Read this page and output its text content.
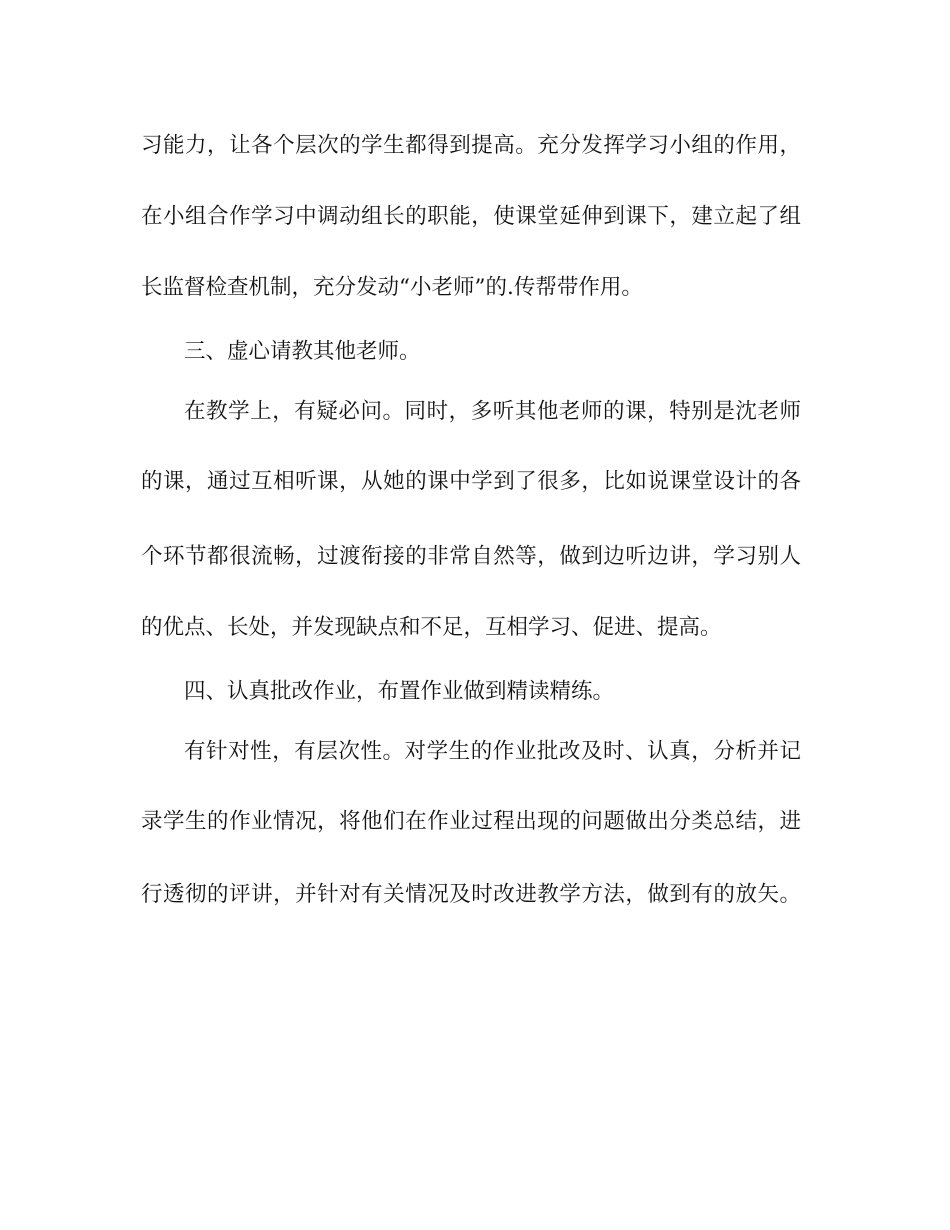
习能力，让各个层次的学生都得到提高。充分发挥学习小组的作用，
在小组合作学习中调动组长的职能，使课堂延伸到课下，建立起了组
长监督检查机制，充分发动“小老师”的.传帮带作用。
三、虚心请教其他老师。
在教学上，有疑必问。同时，多听其他老师的课，特别是沈老师
的课，通过互相听课，从她的课中学到了很多，比如说课堂设计的各
个环节都很流畅，过渡衔接的非常自然等，做到边听边讲，学习别人
的优点、长处，并发现缺点和不足，互相学习、促进、提高。
四、认真批改作业，布置作业做到精读精练。
有针对性，有层次性。对学生的作业批改及时、认真，分析并记
录学生的作业情况，将他们在作业过程出现的问题做出分类总结，进
行透彻的评讲，并针对有关情况及时改进教学方法，做到有的放矢。
